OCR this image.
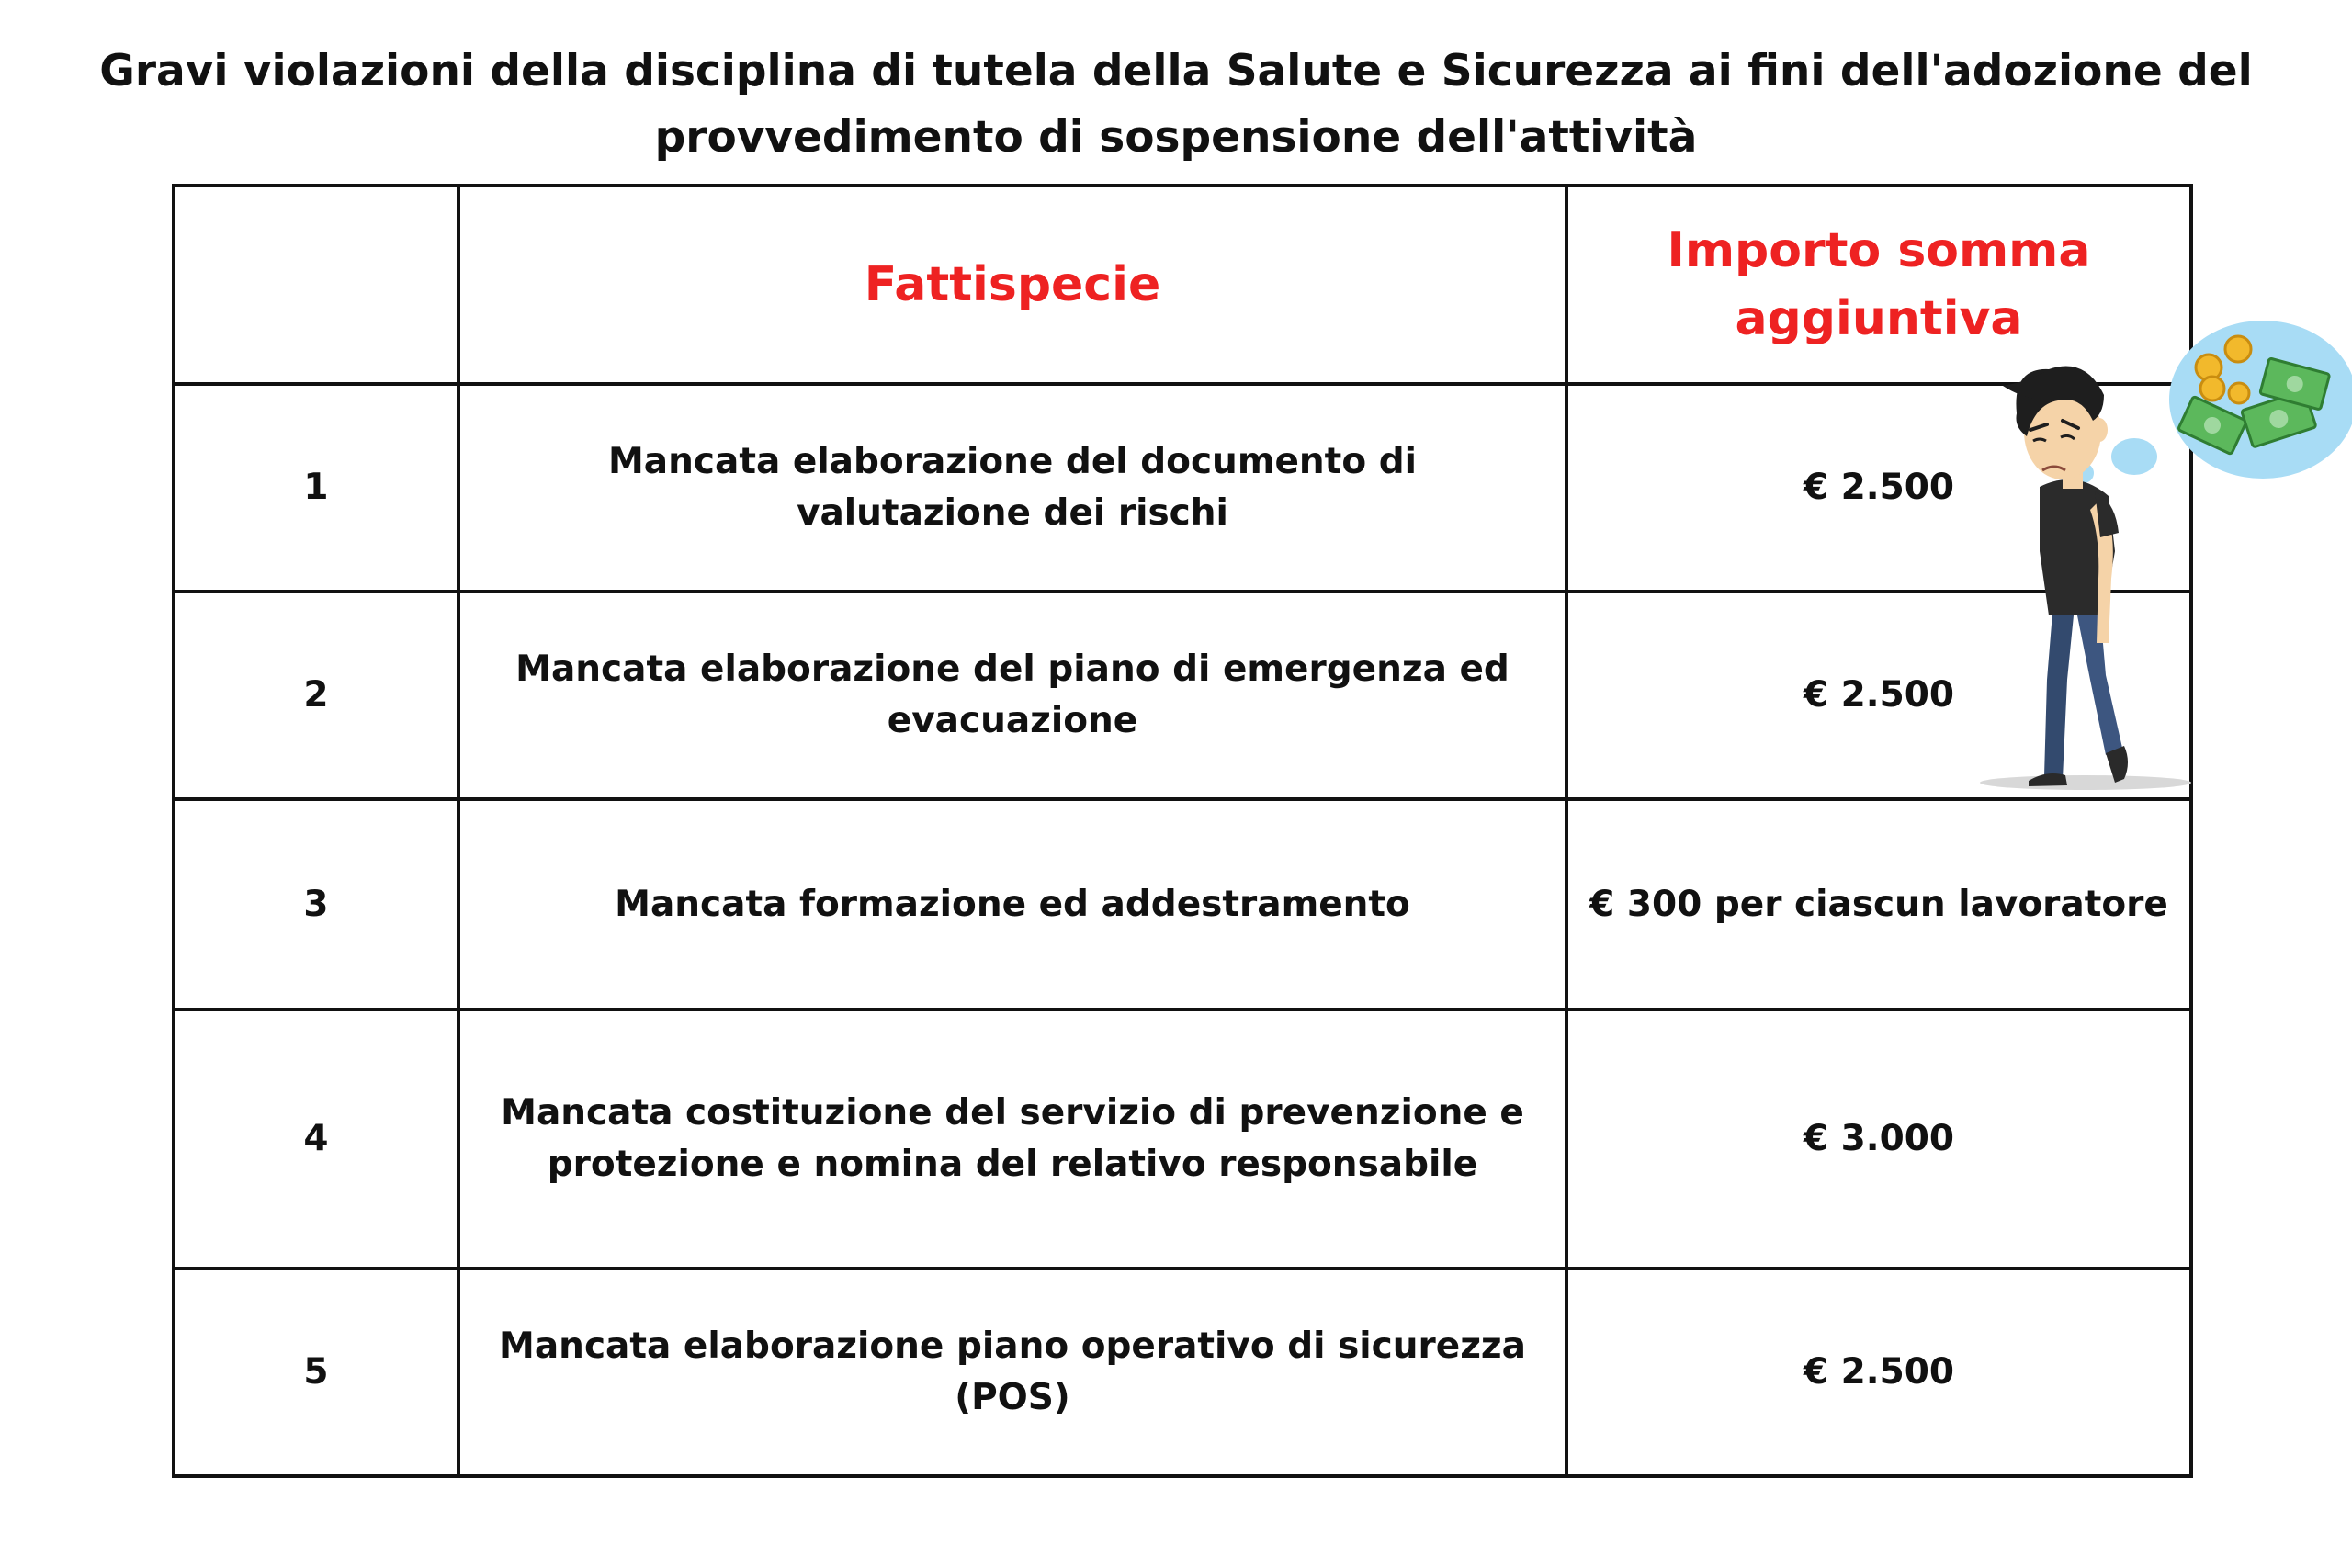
Gravi violazioni della disciplina di tutela della Salute e Sicurezza ai fini dell'adozione del provvedimento di sospensione dell'attività
	Fattispecie	Importo somma aggiuntiva
1	Mancata elaborazione del documento di valutazione dei rischi	€ 2.500
2	Mancata elaborazione del piano di emergenza ed evacuazione	€ 2.500
3	Mancata formazione ed addestramento	€ 300 per ciascun lavoratore
4	Mancata costituzione del servizio di prevenzione e protezione e nomina del relativo responsabile	€ 3.000
5	Mancata elaborazione piano operativo di sicurezza (POS)	€ 2.500
